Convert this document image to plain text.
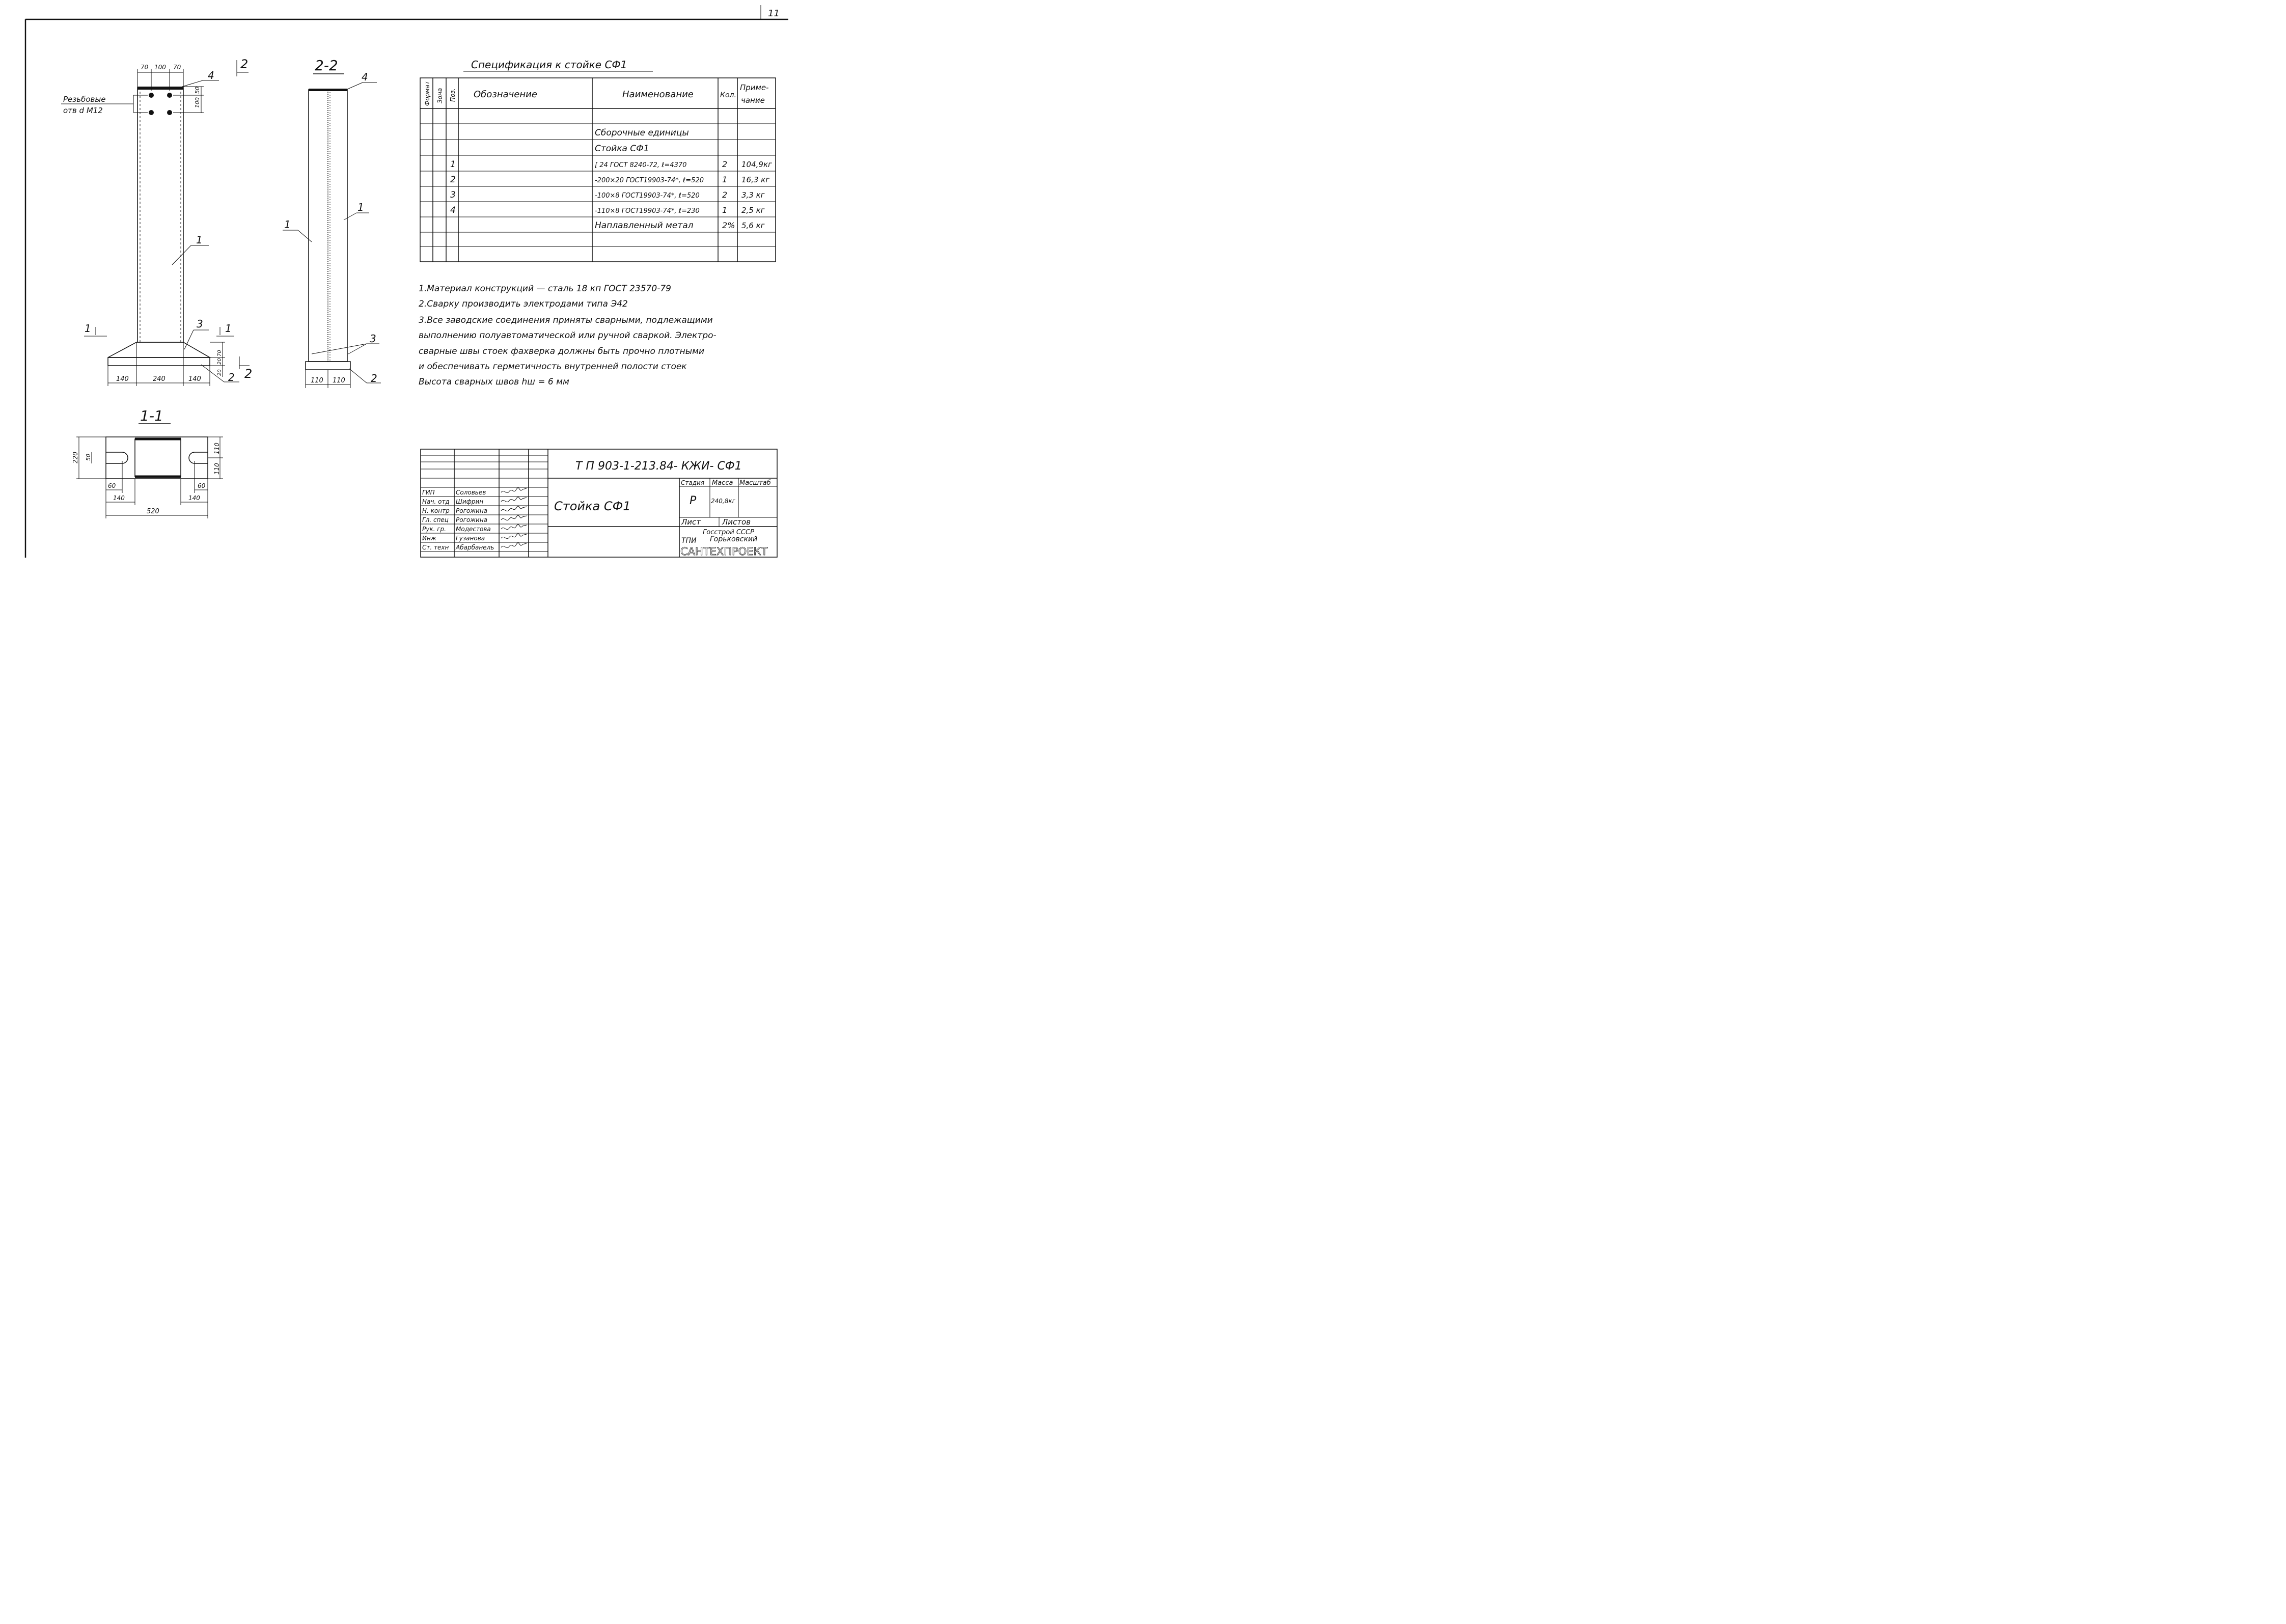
11
70 100 70
50
100
4
Резьбовые
отв d M12
1
3
2
70
20
20
140	240	140
1	1
2
2
2-2
4
1
1
3
2
110 110
1-1
220 50
110
110
60	60
140	140
520
Спецификация к стойке СФ1
Формат Зона Поз. Обозначение	Наименование	Кол.
Приме-
чание
Сборочные единицы
Стойка СФ1
1	[ 24 ГОСТ 8240-72, ℓ=4370	2 104,9кг
2	-200×20 ГОСТ19903-74*, ℓ=520 1 16,3 кг
3	-100×8 ГОСТ19903-74*, ℓ=520	2 3,3 кг
4	-110×8 ГОСТ19903-74*, ℓ=230	1 2,5 кг
Наплавленный метал	2% 5,6 кг
1.Материал конструкций — сталь 18 кп ГОСТ 23570-79
2.Сварку производить электродами типа Э42
3.Все заводские соединения приняты сварными, подлежащими
выполнению полуавтоматической или ручной сваркой. Электро-
сварные швы стоек фахверка должны быть прочно плотными
и обеспечивать герметичность внутренней полости стоек
Высота сварных швов hш = 6 мм
Т П 903-1-213.84- КЖИ- СФ1
Стойка СФ1
Стадия Масса Масштаб
Р 240,8кг
Лист	Листов
Госстрой СССР
ТПИ Горьковский
САНТЕХПРОЕКТ
ГИП	Соловьев
Нач. отд Шифрин
Н. контр Рогожина
Гл. спец Рогожина
Рук. гр. Модестова
Инж	Гузанова
Ст. техн Абарбанель
